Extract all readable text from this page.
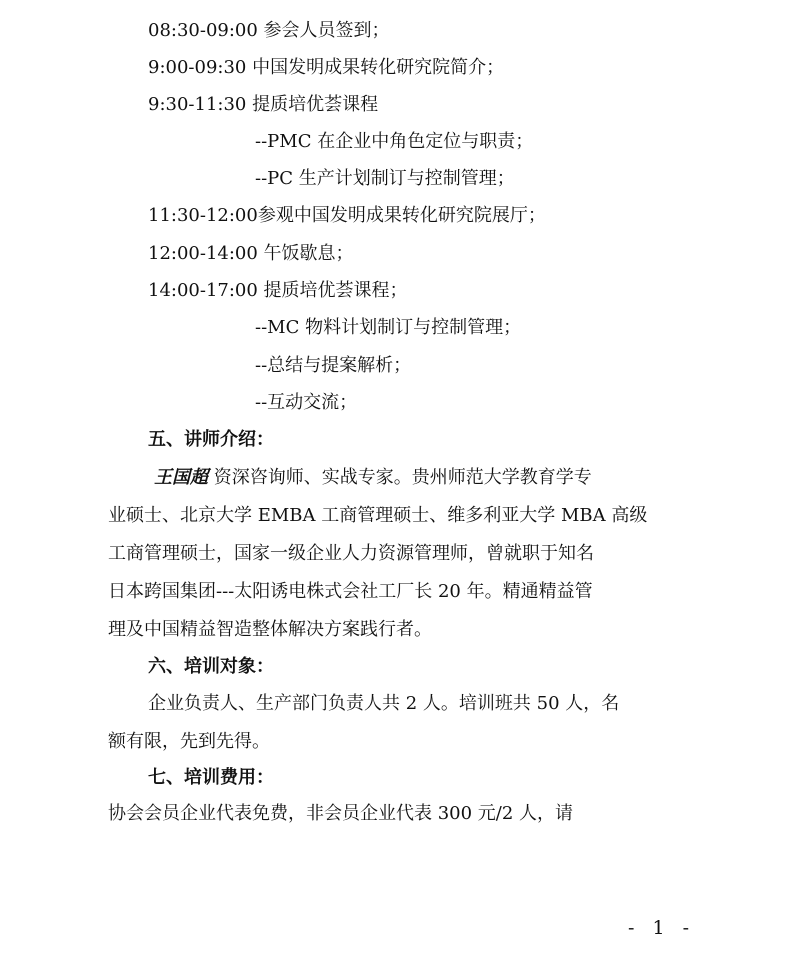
08:30-09:00 参会人员签到；
9:00-09:30 中国发明成果转化研究院简介；
9:30-11:30 提质培优荟课程
--PMC 在企业中角色定位与职责；
--PC 生产计划制订与控制管理；
11:30-12:00参观中国发明成果转化研究院展厅；
12:00-14:00 午饭歇息；
14:00-17:00 提质培优荟课程；
--MC 物料计划制订与控制管理；
--总结与提案解析；
--互动交流；
五、讲师介绍：
王国超 资深咨询师、实战专家。贵州师范大学教育学专
业硕士、北京大学 EMBA 工商管理硕士、维多利亚大学 MBA 高级
工商管理硕士，国家一级企业人力资源管理师，曾就职于知名
日本跨国集团---太阳诱电株式会社工厂长 20 年。精通精益管
理及中国精益智造整体解决方案践行者。
六、培训对象：
企业负责人、生产部门负责人共 2 人。培训班共 50 人，名
额有限，先到先得。
七、培训费用：
协会会员企业代表免费，非会员企业代表 300 元/2 人，请
- 1 -
